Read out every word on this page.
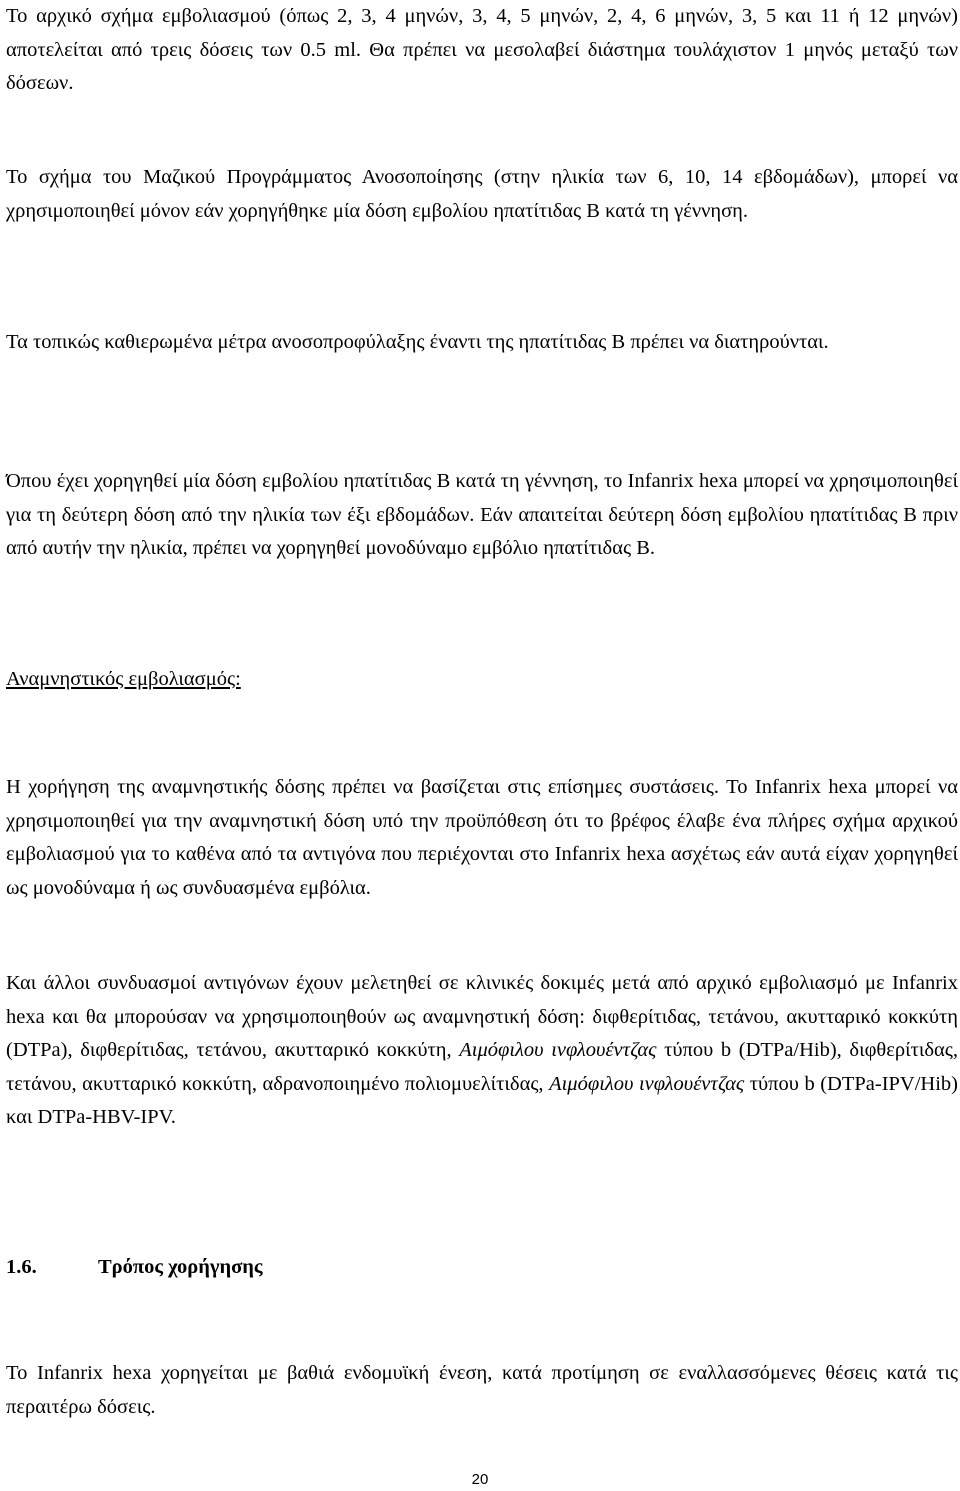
Το αρχικό σχήμα εμβολιασμού (όπως 2, 3, 4 μηνών, 3, 4, 5 μηνών, 2, 4, 6 μηνών, 3, 5 και 11 ή 12 μηνών) αποτελείται από τρεις δόσεις των 0.5 ml. Θα πρέπει να μεσολαβεί διάστημα τουλάχιστον 1 μηνός μεταξύ των δόσεων.

Το σχήμα του Μαζικού Προγράμματος Ανοσοποίησης (στην ηλικία των 6, 10, 14 εβδομάδων), μπορεί να χρησιμοποιηθεί μόνον εάν χορηγήθηκε μία δόση εμβολίου ηπατίτιδας Β κατά τη γέννηση.

Τα τοπικώς καθιερωμένα μέτρα ανοσοπροφύλαξης έναντι της ηπατίτιδας Β πρέπει να διατηρούνται.

Όπου έχει χορηγηθεί μία δόση εμβολίου ηπατίτιδας Β κατά τη γέννηση, το Infanrix hexa μπορεί να χρησιμοποιηθεί για τη δεύτερη δόση από την ηλικία των έξι εβδομάδων. Εάν απαιτείται δεύτερη δόση εμβολίου ηπατίτιδας Β πριν από αυτήν την ηλικία, πρέπει να χορηγηθεί μονοδύναμο εμβόλιο ηπατίτιδας Β.

Αναμνηστικός εμβολιασμός:

Η χορήγηση της αναμνηστικής δόσης πρέπει να βασίζεται στις επίσημες συστάσεις. Το Infanrix hexa μπορεί να χρησιμοποιηθεί για την αναμνηστική δόση υπό την προϋπόθεση ότι το βρέφος έλαβε ένα πλήρες σχήμα αρχικού εμβολιασμού για το καθένα από τα αντιγόνα που περιέχονται στο Infanrix hexa ασχέτως εάν αυτά είχαν χορηγηθεί ως μονοδύναμα ή ως συνδυασμένα εμβόλια.

Και άλλοι συνδυασμοί αντιγόνων έχουν μελετηθεί σε κλινικές δοκιμές μετά από αρχικό εμβολιασμό με Infanrix hexa και θα μπορούσαν να χρησιμοποιηθούν ως αναμνηστική δόση: διφθερίτιδας, τετάνου, ακυτταρικό κοκκύτη (DTPa), διφθερίτιδας, τετάνου, ακυτταρικό κοκκύτη, Αιμόφιλου ινφλουέντζας τύπου b (DTPa/Hib), διφθερίτιδας, τετάνου, ακυτταρικό κοκκύτη, αδρανοποιημένο πολιομυελίτιδας, Αιμόφιλου ινφλουέντζας τύπου b (DTPa-IPV/Hib) και DTPa-HBV-IPV.

1.6.	Τρόπος χορήγησης

Το Infanrix hexa χορηγείται με βαθιά ενδομυϊκή ένεση, κατά προτίμηση σε εναλλασσόμενες θέσεις κατά τις περαιτέρω δόσεις.

20
